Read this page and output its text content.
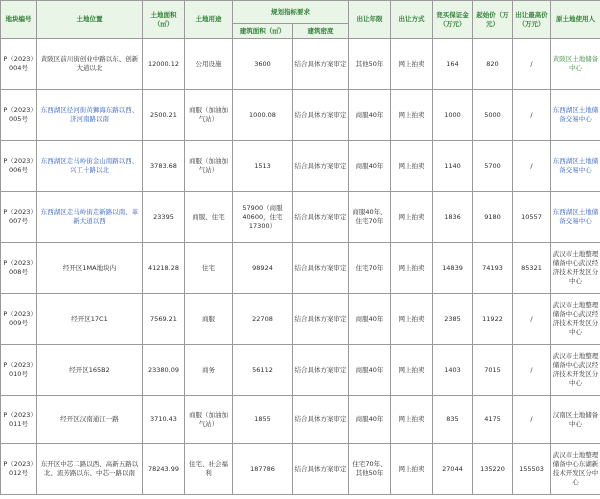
地块编号	土地位置	土地面积（㎡）	土地用途	规划指标要求		出让年限	出让方式	竞买保证金（万元）	起始价（万元）	出让最高价（万元）	原土地使用人
				建筑面积（㎡）	建筑密度						
P（2023）004号	黄陂区前川街创业中路以东、创新大道以北	12000.12	公用设施	3600	结合具体方案审定	其他50年	网上拍卖	164	820	/	黄陂区土地储备中心
P（2023）005号	东西湖区径河街黄狮海东路以西、济河南路以南	2500.21	商服（加油加气站）	1000.08	结合具体方案审定	商服40年	网上拍卖	1000	5000	/	东西湖区土地储备交易中心
P（2023）006号	东西湖区走马岭街金山南路以西、兴工十路以北	3783.68	商服（加油加气站）	1513	结合具体方案审定	商服40年	网上拍卖	1140	5700	/	东西湖区土地储备交易中心
P（2023）007号	东西湖区走马岭街走新路以南、革新大道以西	23395	商服、住宅	57900（商服40600，住宅17300）	结合具体方案审定	商服40年、住宅70年	网上拍卖	1836	9180	10557	东西湖区土地储备交易中心
P（2023）008号	经开区1MA地块内	41218.28	住宅	98924	结合具体方案审定	住宅70年	网上拍卖	14839	74193	85321	武汉市土地整理储备中心武汉经济技术开发区分中心
P（2023）009号	经开区17C1	7569.21	商服	22708	结合具体方案审定	商服40年	网上拍卖	2385	11922	/	武汉市土地整理储备中心武汉经济技术开发区分中心
P（2023）010号	经开区165B2	23380.09	商务	56112	结合具体方案审定	商服40年	网上拍卖	1403	7015	/	武汉市土地整理储备中心武汉经济技术开发区分中心
P（2023）011号	经开区汉南通江一路	3710.43	商服（加油加气站）	1855	结合具体方案审定	商服40年	网上拍卖	835	4175	/	汉南区土地储备中心
P（2023）012号	东开区中芯二路以西、高新五路以北、流芳路以东、中芯一路以南	78243.99	住宅、社会福利	187786	结合具体方案审定	住宅70年、其他50年	网上拍卖	27044	135220	155503	武汉市土地整理储备中心东湖新技术开发区分中心
